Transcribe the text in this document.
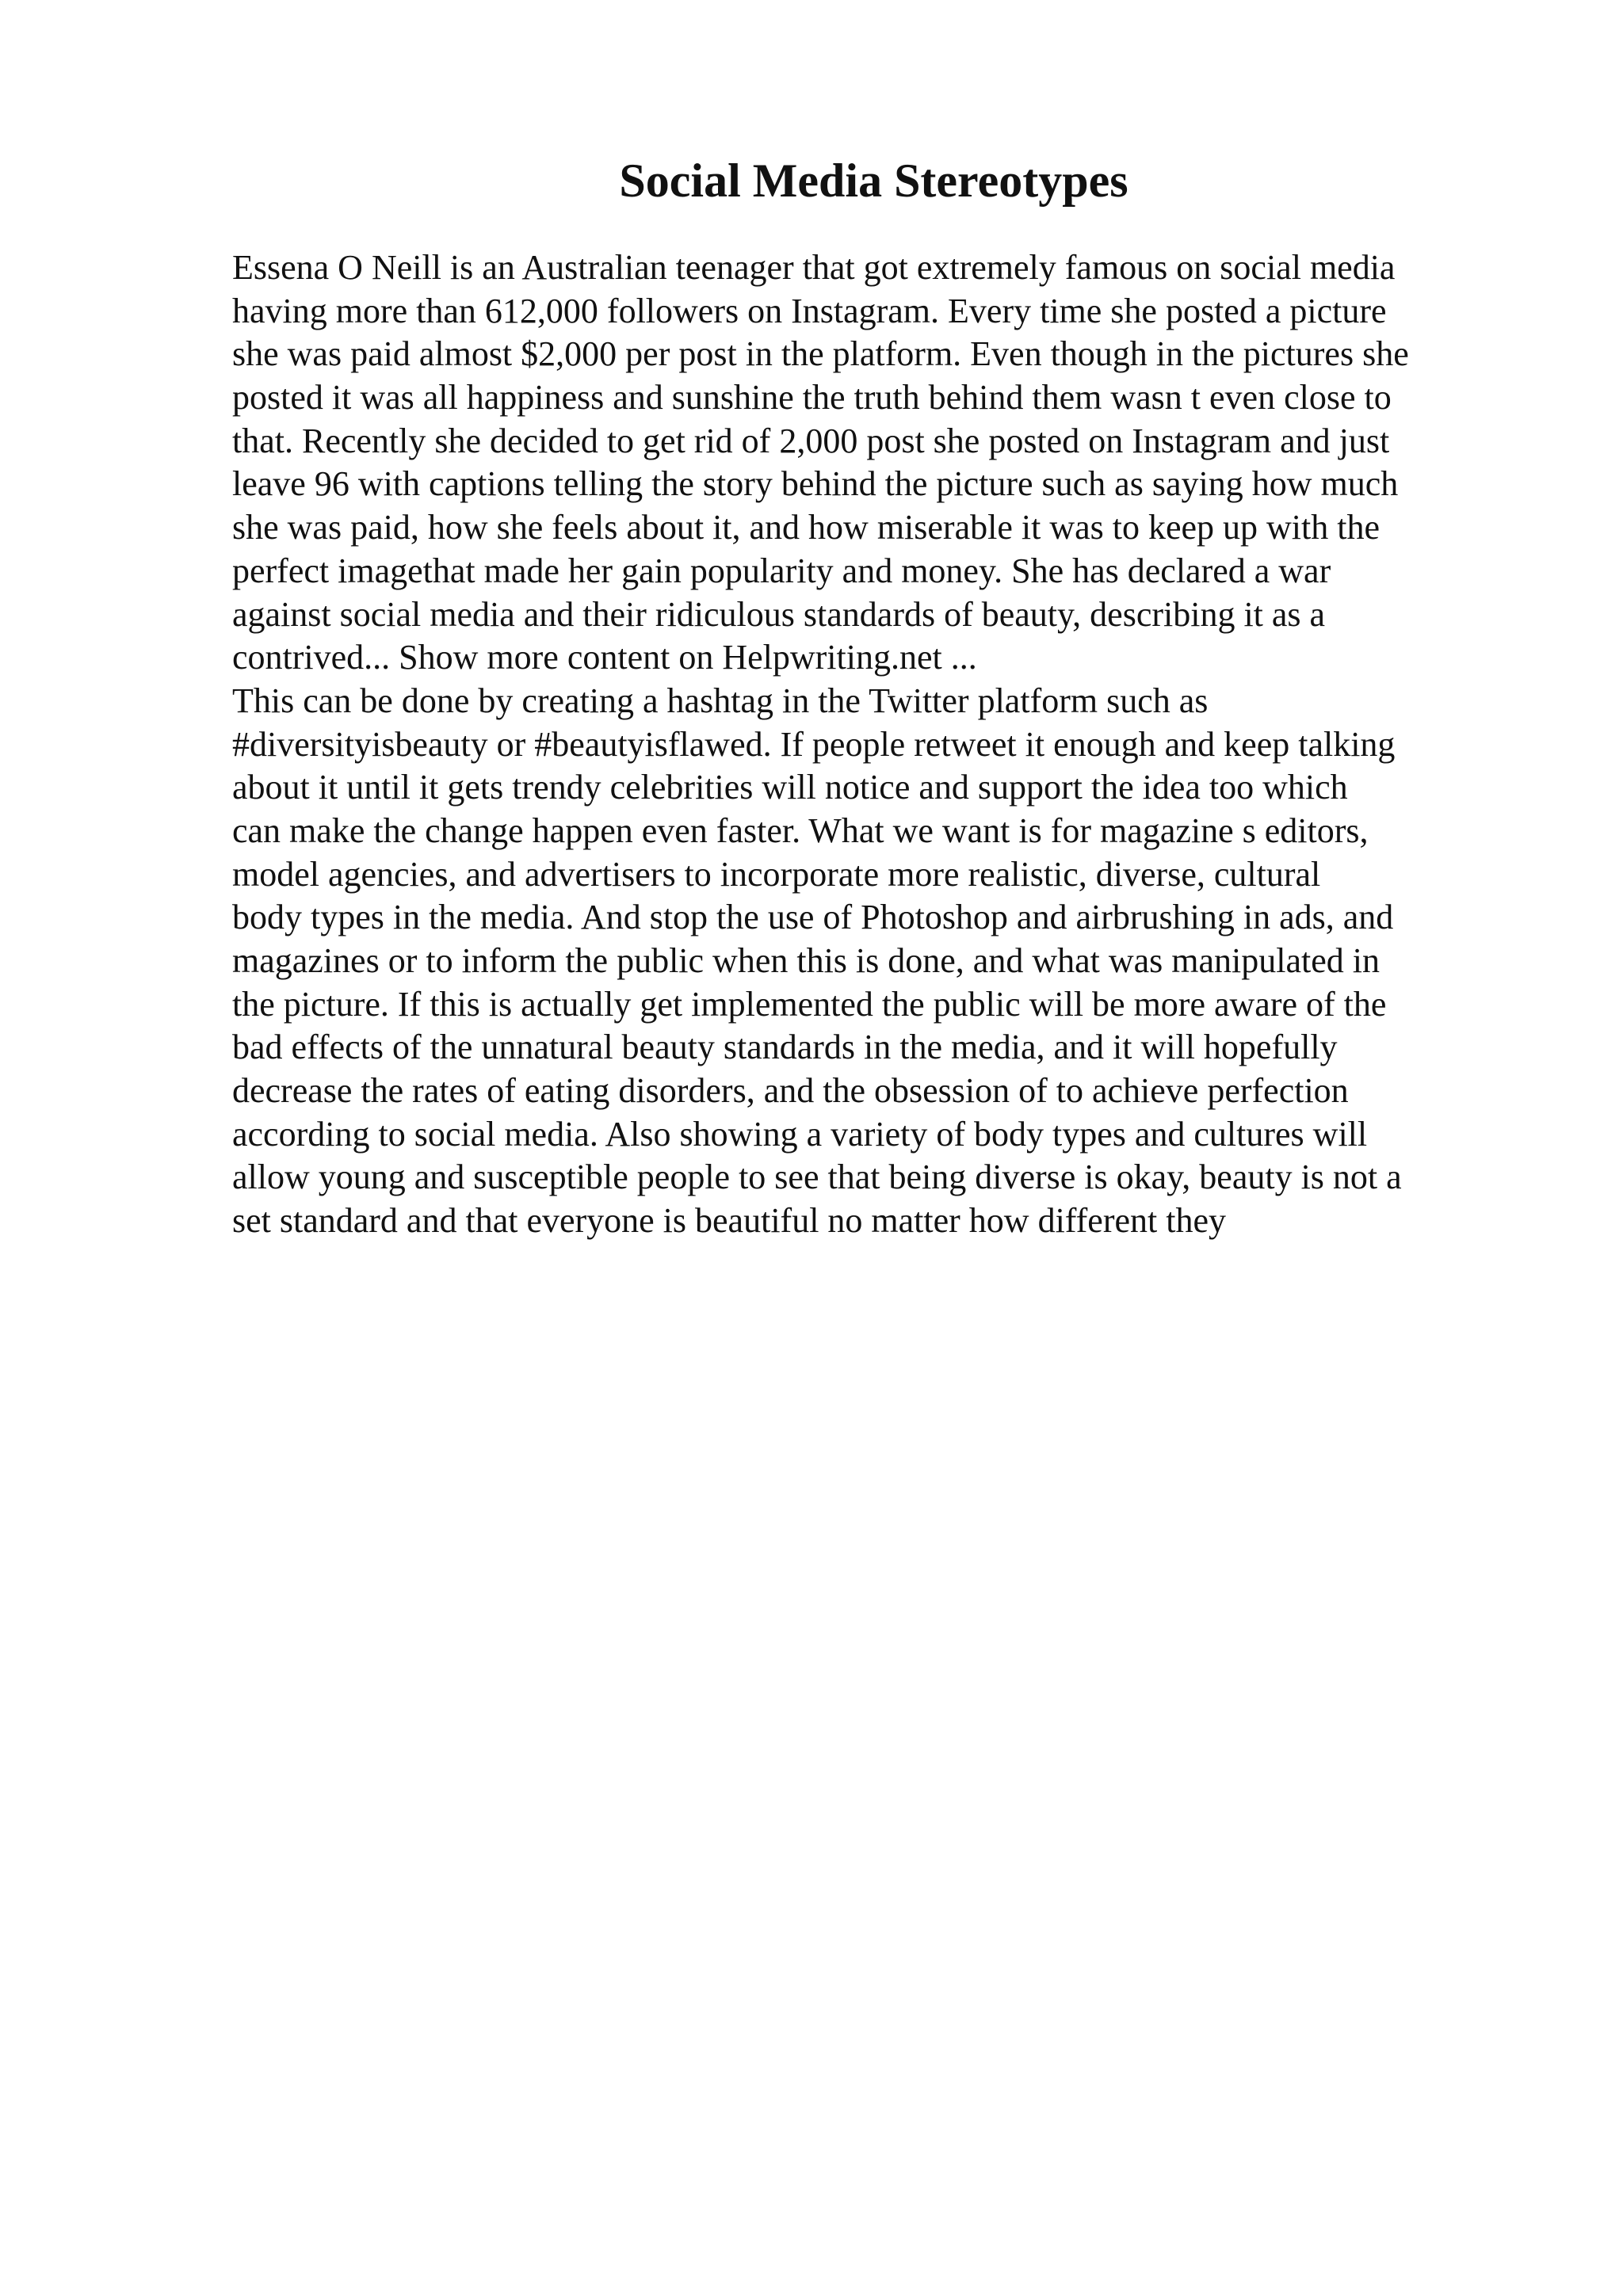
Social Media Stereotypes
Essena O Neill is an Australian teenager that got extremely famous on social media
having more than 612,000 followers on Instagram. Every time she posted a picture
she was paid almost $2,000 per post in the platform. Even though in the pictures she
posted it was all happiness and sunshine the truth behind them wasn t even close to
that. Recently she decided to get rid of 2,000 post she posted on Instagram and just
leave 96 with captions telling the story behind the picture such as saying how much
she was paid, how she feels about it, and how miserable it was to keep up with the
perfect imagethat made her gain popularity and money. She has declared a war
against social media and their ridiculous standards of beauty, describing it as a
contrived... Show more content on Helpwriting.net ...
This can be done by creating a hashtag in the Twitter platform such as
#diversityisbeauty or #beautyisflawed. If people retweet it enough and keep talking
about it until it gets trendy celebrities will notice and support the idea too which
can make the change happen even faster. What we want is for magazine s editors,
model agencies, and advertisers to incorporate more realistic, diverse, cultural
body types in the media. And stop the use of Photoshop and airbrushing in ads, and
magazines or to inform the public when this is done, and what was manipulated in
the picture. If this is actually get implemented the public will be more aware of the
bad effects of the unnatural beauty standards in the media, and it will hopefully
decrease the rates of eating disorders, and the obsession of to achieve perfection
according to social media. Also showing a variety of body types and cultures will
allow young and susceptible people to see that being diverse is okay, beauty is not a
set standard and that everyone is beautiful no matter how different they
